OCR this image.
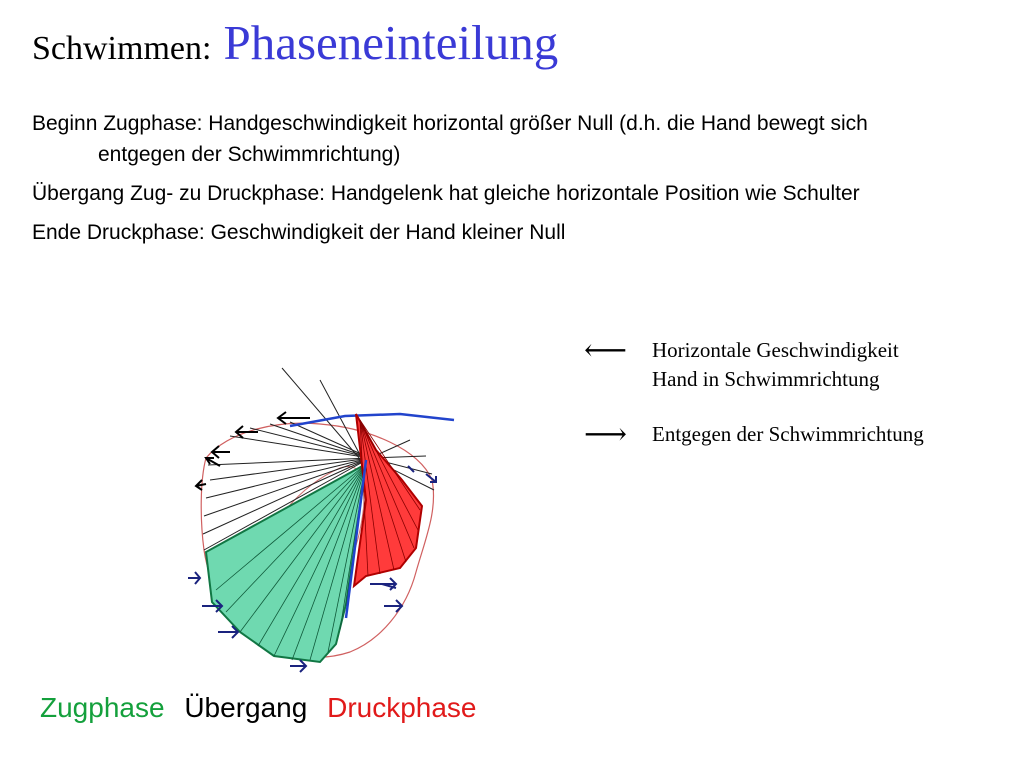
Schwimmen: Phaseneinteilung
Beginn Zugphase: Handgeschwindigkeit horizontal größer Null (d.h. die Hand bewegt sich entgegen der Schwimmrichtung)
Übergang Zug- zu Druckphase: Handgelenk hat gleiche horizontale Position wie Schulter
Ende Druckphase: Geschwindigkeit der Hand kleiner Null
⟵ Horizontale Geschwindigkeit
Hand in Schwimmrichtung
⟶ Entgegen der Schwimmrichtung
Zugphase Übergang Druckphase
